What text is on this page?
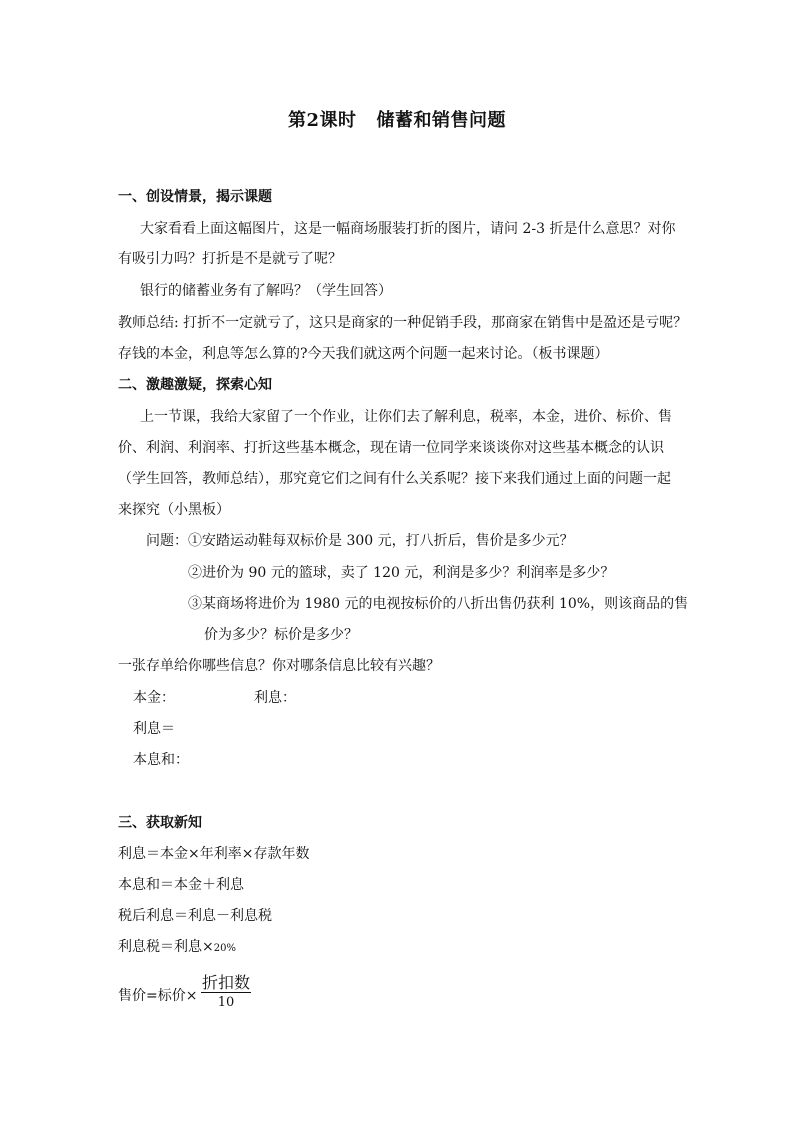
第2课时 储蓄和销售问题
一、创设情景，揭示课题
大家看看上面这幅图片，这是一幅商场服装打折的图片，请问 2-3 折是什么意思？对你
有吸引力吗？打折是不是就亏了呢？
银行的储蓄业务有了解吗？（学生回答）
教师总结: 打折不一定就亏了，这只是商家的一种促销手段，那商家在销售中是盈还是亏呢？
存钱的本金，利息等怎么算的?今天我们就这两个问题一起来讨论。（板书课题）
二、激趣激疑，探索心知
上一节课，我给大家留了一个作业，让你们去了解利息，税率，本金，进价、标价、售
价、利润、利润率、打折这些基本概念，现在请一位同学来谈谈你对这些基本概念的认识
（学生回答，教师总结），那究竟它们之间有什么关系呢？接下来我们通过上面的问题一起
来探究（小黑板）
问题：①安踏运动鞋每双标价是 300 元，打八折后，售价是多少元？
②进价为 90 元的篮球，卖了 120 元，利润是多少？利润率是多少？
③某商场将进价为 1980 元的电视按标价的八折出售仍获利 10%，则该商品的售
价为多少？标价是多少？
一张存单给你哪些信息？你对哪条信息比较有兴趣？
本金：	利息：
利息＝
本息和：
三、获取新知
利息＝本金×年利率×存款年数
本息和＝本金＋利息
税后利息＝利息－利息税
利息税＝利息×20%
售价=标价×
折扣数
10
